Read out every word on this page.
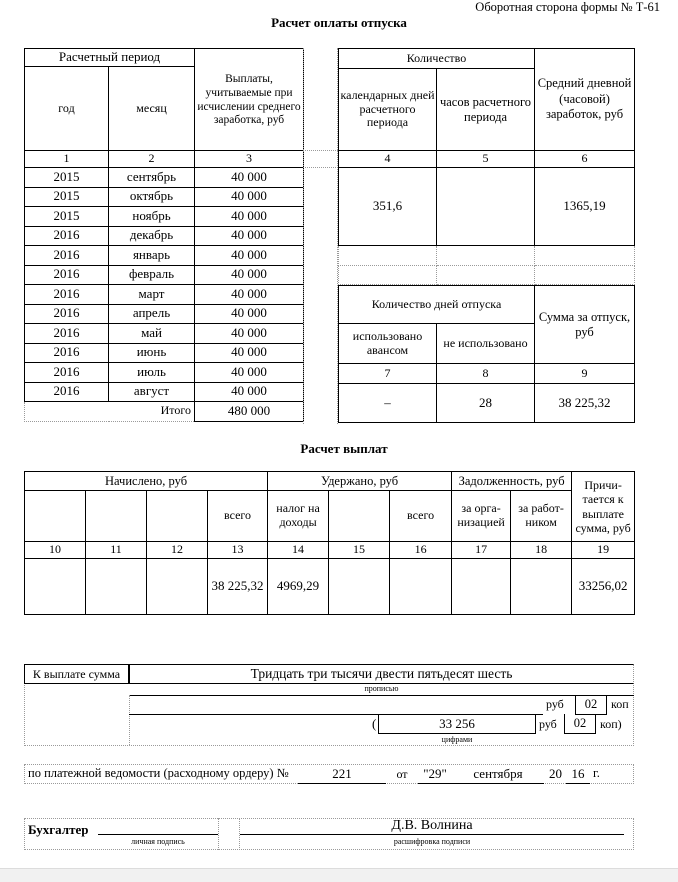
Оборотная сторона формы № Т-61
Расчет оплаты отпуска
Расчетный период		Выплаты, учитываемые при исчислении среднего заработка, руб
год	месяц	
1	2	3
2015	сентябрь	40 000
2015	октябрь	40 000
2015	ноябрь	40 000
2016	декабрь	40 000
2016	январь	40 000
2016	февраль	40 000
2016	март	40 000
2016	апрель	40 000
2016	май	40 000
2016	июнь	40 000
2016	июль	40 000
2016	август	40 000
Итого		480 000
Количество		Средний дневной (часовой) заработок, руб
календарных дней расчетного периода	часов расчетного периода	
4	5	6
351,6		1365,19

Количество дней отпуска		Сумма за отпуск, руб
использовано авансом	не использовано	
7	8	9
–	28	38 225,32
Расчет выплат
Начислено, руб				Удержано, руб			Задолженность, руб		Причи-тается к выплате сумма, руб
			всего	налог на доходы		всего	за орга-низацией	за работ-ником	
10	11	12	13	14	15	16	17	18	19
			38 225,32	4969,29					33256,02
К выплате сумма	Тридцать три тысячи двести пятьдесят шесть
прописью
руб	02	коп
(	33 256	руб	02	коп)
цифрами
по платежной ведомости (расходному ордеру) №	221	от	"29"	сентября	20 16 г.
Бухгалтер
личная подпись
Д.В. Волнина
расшифровка подписи
